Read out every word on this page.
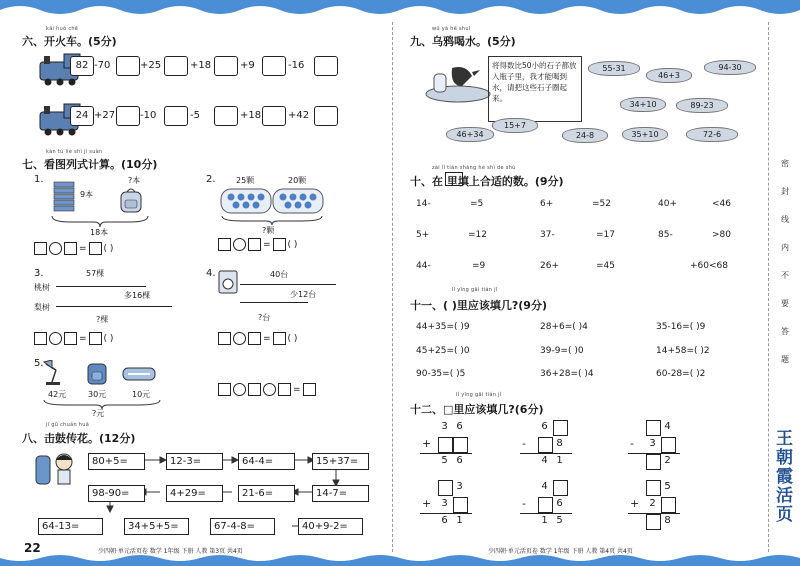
kāi huǒ chē
六、开火车。(5分)
82 -70	+25	+18	+9	-16
24 +27 -10	-5	+18	+42
kàn tú liè shì jì suàn
七、看图列式计算。(10分)
1.
9本
?本
18本
= ( )
2.	25颗	20颗
?颗
= ( )
3.	57棵
桃树
多16棵
梨树
?棵
= ( )
4.	40台
少12台
?台
= ( )
5.
42元	30元	10元
?元
=
jī gǔ chuán huā
八、击鼓传花。(12分)
80+5=	12-3=	64-4=	15+37=
98-90=	4+29=	21-6=	14-7=
64-13=	34+5+5=	67-4-8=	40+9-2=
22	少四朝·单元活页卷 数学 1年级 下册 人教 第3页 共4页
wū yā hē shuǐ
九、乌鸦喝水。(5分)
将得数比50小的石子都放入瓶子里，我才能喝到水，请把这些石子圈起来。
55-31
46+3
94-30
34+10	89-23
46+34
15+7
24-8	35+10	72-6
zài lǐ tián shàng hé shì de shù
十、在 里填上合适的数。(9分)
14-	=5	6+	=52	40+	<46
5+	=12	37-	=17	85-	>80
44-	=9	26+	=45	+60<68
lǐ yīng gāi tián jǐ
十一、( )里应该填几?(9分)
44+35=( )9	28+6=( )4	35-16=( )9
45+25=( )0	39-9=( )0	14+58=( )2
90-35=( )5	36+28=( )4	60-28=( )2
lǐ yīng gāi tián jǐ
十二、□里应该填几?(6分)
3 6
+
5 6
6
-	8
4 1
4
-	3
2
3
+	3
6 1
4
-	6
1 5
5
+	2
8
密
封
线
内
不
要
答
题
王朝霞活页
少四朝·单元活页卷 数学 1年级 下册 人教 第4页 共4页
